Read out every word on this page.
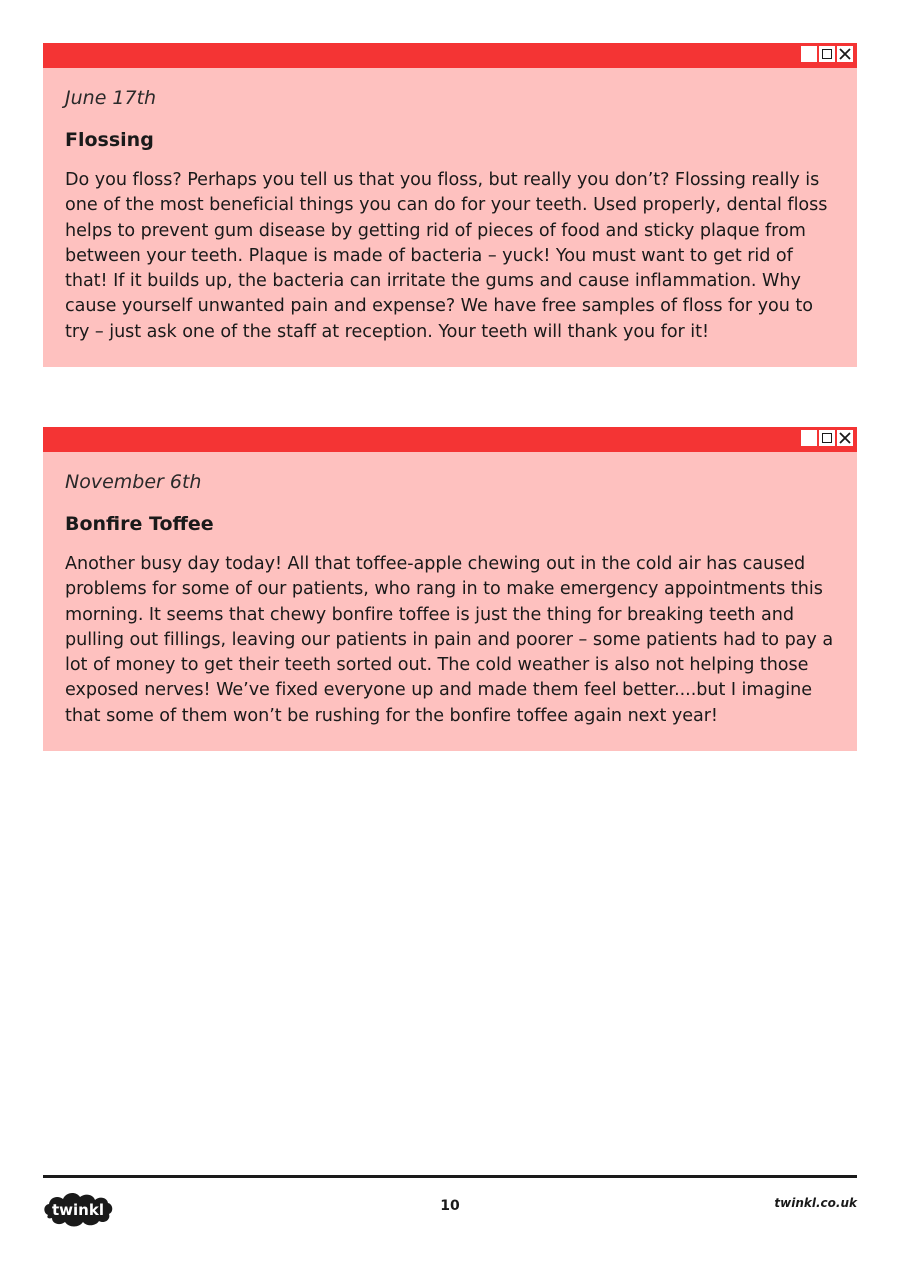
June 17th

Flossing

Do you floss? Perhaps you tell us that you floss, but really you don’t? Flossing really is one of the most beneficial things you can do for your teeth. Used properly, dental floss helps to prevent gum disease by getting rid of pieces of food and sticky plaque from between your teeth. Plaque is made of bacteria – yuck! You must want to get rid of that! If it builds up, the bacteria can irritate the gums and cause inflammation. Why cause yourself unwanted pain and expense? We have free samples of floss for you to try – just ask one of the staff at reception. Your teeth will thank you for it!

November 6th

Bonfire Toffee

Another busy day today! All that toffee-apple chewing out in the cold air has caused problems for some of our patients, who rang in to make emergency appointments this morning. It seems that chewy bonfire toffee is just the thing for breaking teeth and pulling out fillings, leaving our patients in pain and poorer – some patients had to pay a lot of money to get their teeth sorted out. The cold weather is also not helping those exposed nerves! We’ve fixed everyone up and made them feel better....but I imagine that some of them won’t be rushing for the bonfire toffee again next year!

twinkl	10	twinkl.co.uk
